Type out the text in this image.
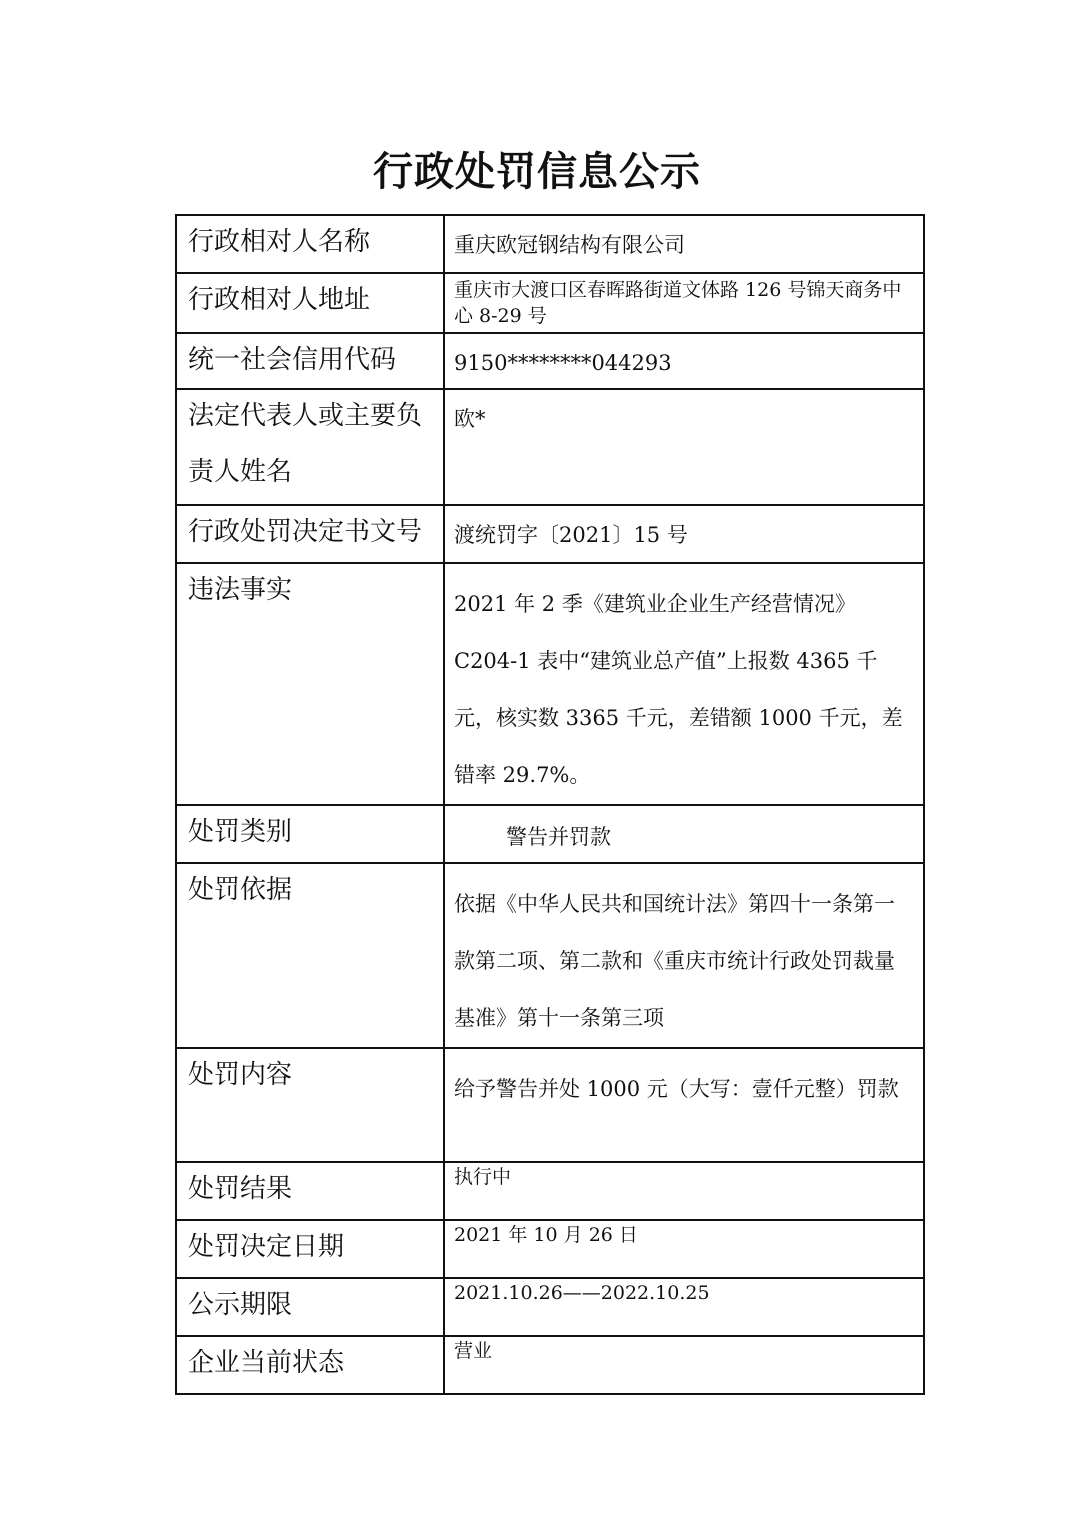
行政处罚信息公示
行政相对人名称	重庆欧冠钢结构有限公司

行政相对人地址	重庆市大渡口区春晖路街道文体路 126 号锦天商务中心 8-29 号

统一社会信用代码	9150********044293

法定代表人或主要负责人姓名	欧*

行政处罚决定书文号	渡统罚字〔2021〕15 号

违法事实	2021 年 2 季《建筑业企业生产经营情况》C204-1 表中“建筑业总产值”上报数 4365 千元，核实数 3365 千元，差错额 1000 千元，差错率 29.7%。

处罚类别	警告并罚款

处罚依据	依据《中华人民共和国统计法》第四十一条第一款第二项、第二款和《重庆市统计行政处罚裁量基准》第十一条第三项

处罚内容	给予警告并处 1000 元（大写：壹仟元整）罚款

处罚结果	执行中

处罚决定日期	2021 年 10 月 26 日

公示期限	2021.10.26——2022.10.25

企业当前状态	营业
